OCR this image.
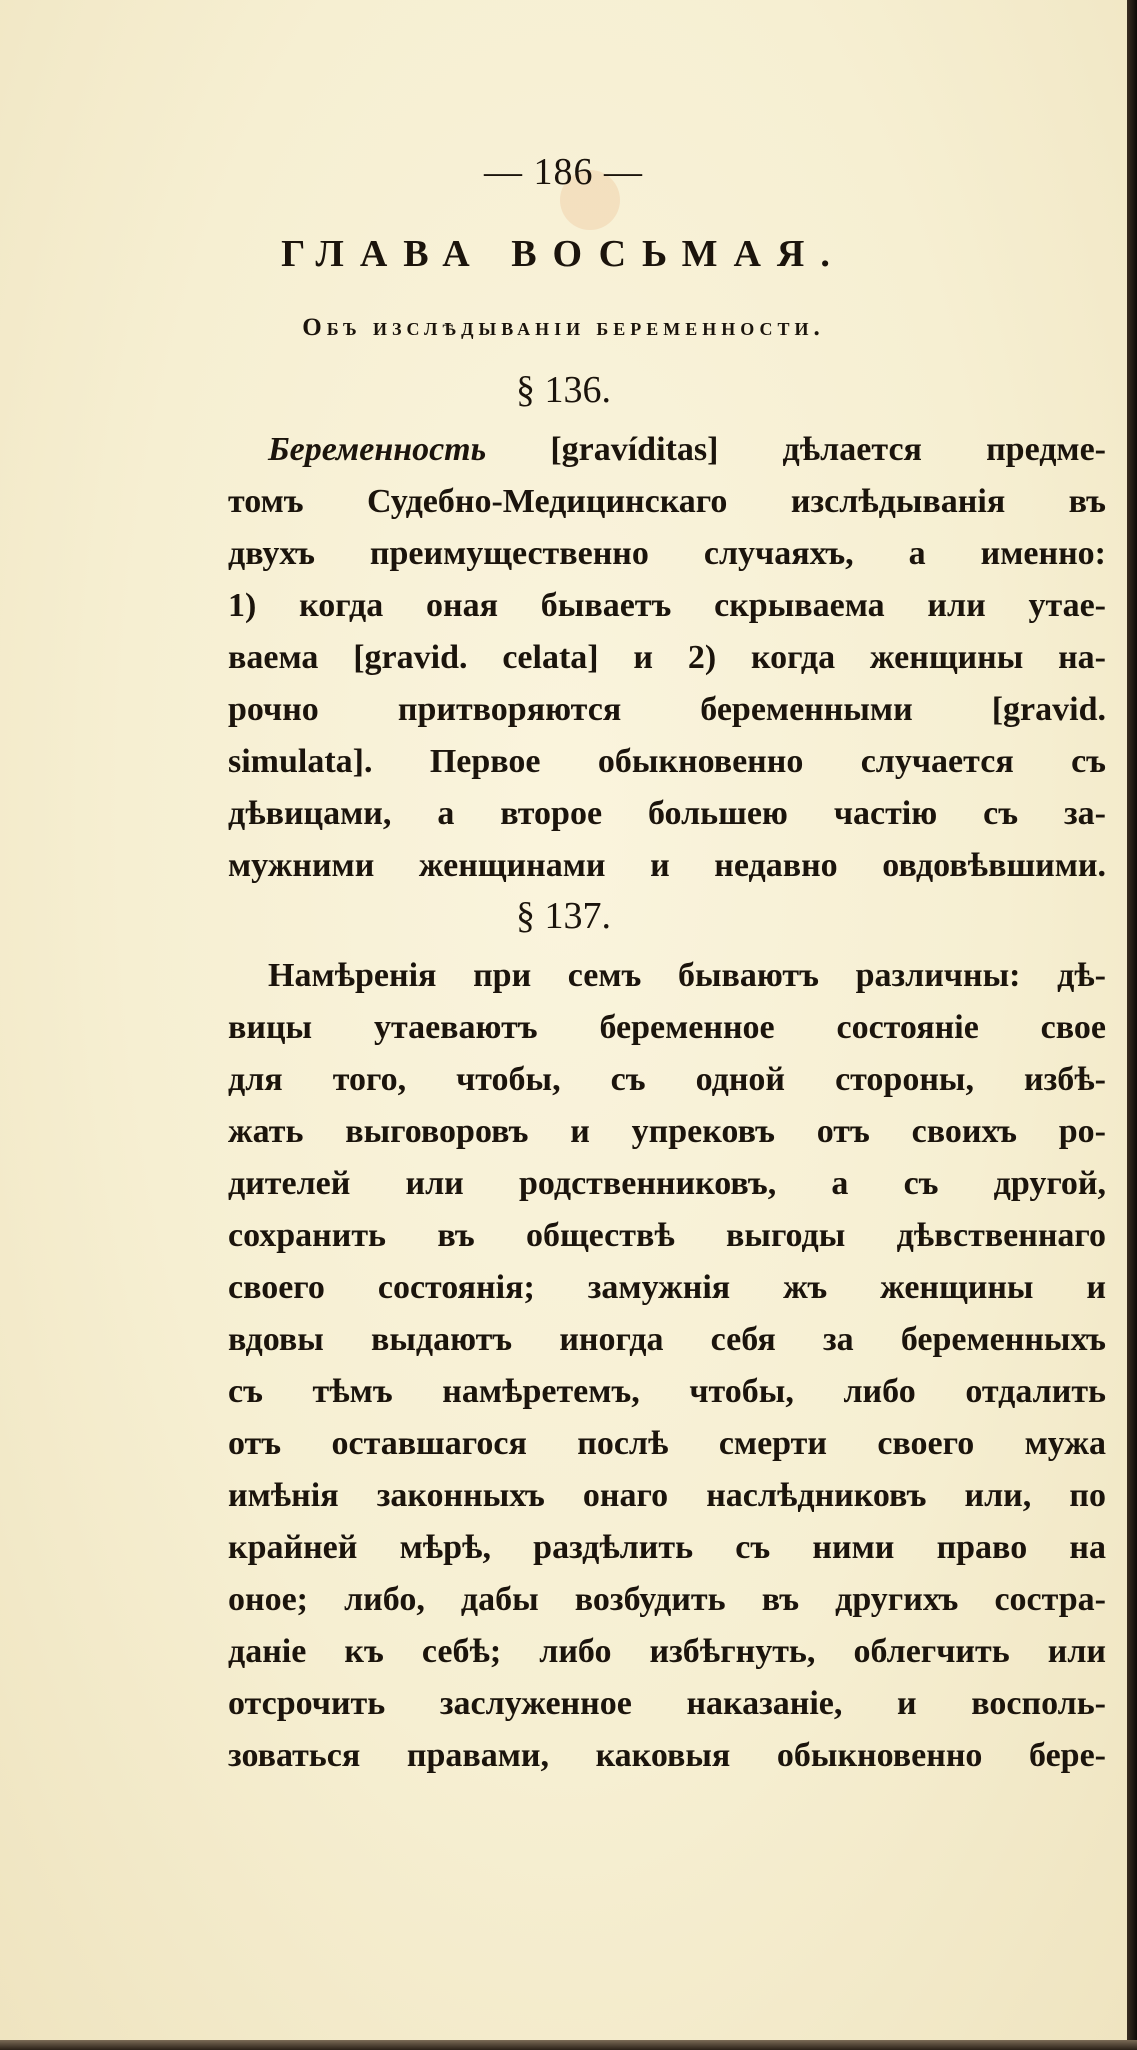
— 186 —
ГЛАВА ВОСЬМАЯ.
Объ изслѣдываніи беременности.
§ 136.
Беременность [gravíditas] дѣлается предме-
томъ Судебно-Медицинскаго изслѣдыванія въ
двухъ преимущественно случаяхъ, а именно:
1) когда оная бываетъ скрываема или утае-
ваема [gravid. celata] и 2) когда женщины на-
рочно притворяются беременными [gravid.
simulata]. Первое обыкновенно случается съ
дѣвицами, а вторoе большею частію съ за-
мужними женщинами и недавно овдовѣвшими.
§ 137.
Намѣренія при семъ бываютъ различны: дѣ-
вицы утаеваютъ беременное состояніе свое
для того, чтобы, съ одной стороны, избѣ-
жать выговоровъ и упрековъ отъ своихъ ро-
дителей или родственниковъ, а съ другой,
сохранить въ обществѣ выгоды дѣвственнаго
своего состоянія; замужнія жъ женщины и
вдовы выдаютъ иногда себя за беременныхъ
съ тѣмъ намѣретемъ, чтобы, либо отдалить
отъ оставшагося послѣ смерти своего мужа
имѣнія законныхъ онаго наслѣдниковъ или, по
крайней мѣрѣ, раздѣлить съ ними право на
оное; либо, дабы возбудить въ другихъ состра-
даніе къ себѣ; либо избѣгнуть, облегчить или
отсрочить заслуженное наказаніе, и восполь-
зоваться правами, каковыя обыкновенно бере-
